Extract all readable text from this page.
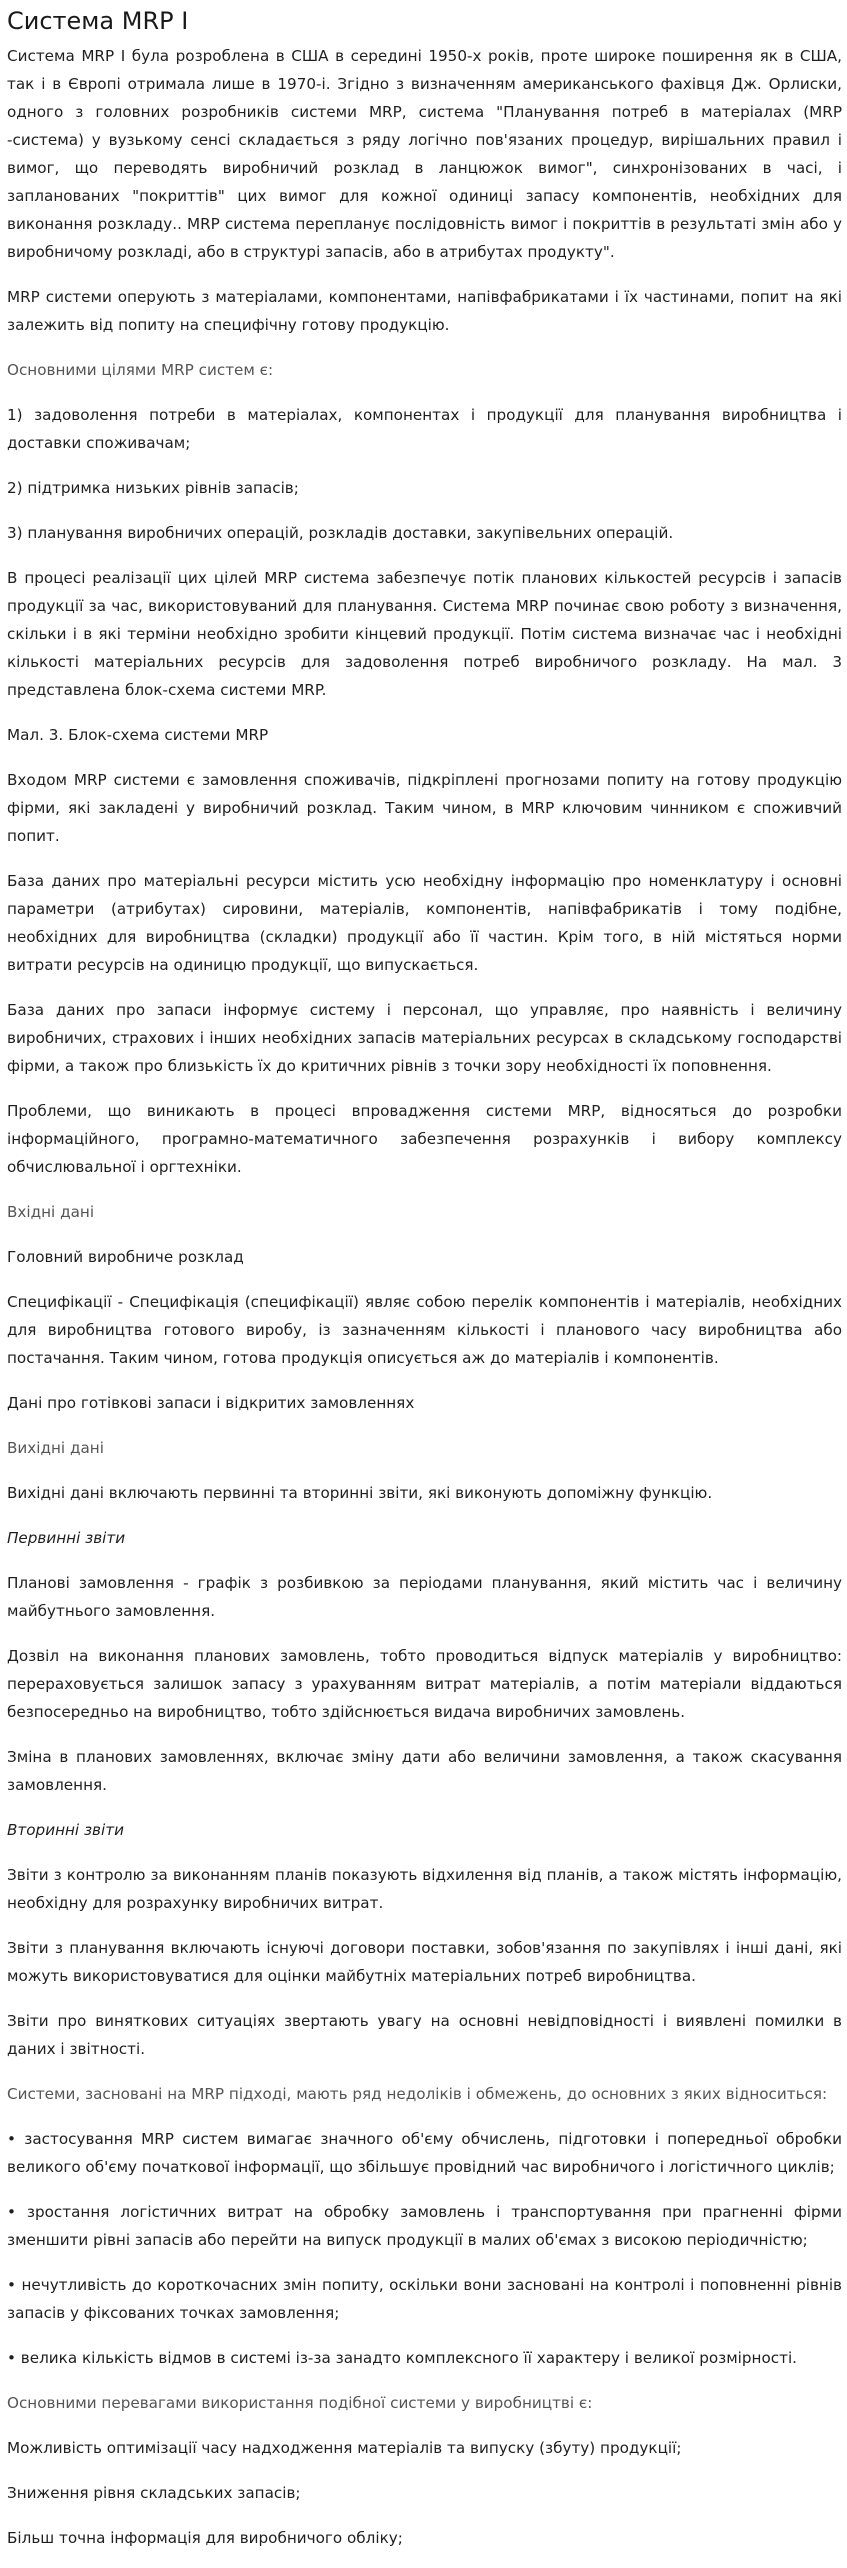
Система MRP I

Система MRP I була розроблена в США в середині 1950-х років, проте широке поширення як в США, так і в Європі отримала лише в 1970-і. Згідно з визначенням американського фахівця Дж. Орлиски, одного з головних розробників системи MRP, система "Планування потреб в матеріалах (MRP -система) у вузькому сенсі складається з ряду логічно пов'язаних процедур, вирішальних правил і вимог, що переводять виробничий розклад в ланцюжок вимог", синхронізованих в часі, і запланованих "покриттів" цих вимог для кожної одиниці запасу компонентів, необхідних для виконання розкладу.. MRP система перепланує послідовність вимог і покриттів в результаті змін або у виробничому розкладі, або в структурі запасів, або в атрибутах продукту".

MRP системи оперують з матеріалами, компонентами, напівфабрикатами і їх частинами, попит на які залежить від попиту на специфічну готову продукцію.

Основними цілями MRP систем є:

1) задоволення потреби в матеріалах, компонентах і продукції для планування виробництва і доставки споживачам;

2) підтримка низьких рівнів запасів;

3) планування виробничих операцій, розкладів доставки, закупівельних операцій.

В процесі реалізації цих цілей MRP система забезпечує потік планових кількостей ресурсів і запасів продукції за час, використовуваний для планування. Система MRP починає свою роботу з визначення, скільки і в які терміни необхідно зробити кінцевий продукції. Потім система визначає час і необхідні кількості матеріальних ресурсів для задоволення потреб виробничого розкладу. На мал. 3 представлена блок-схема системи MRP.

Мал. 3. Блок-схема системи MRP

Входом MRP системи є замовлення споживачів, підкріплені прогнозами попиту на готову продукцію фірми, які закладені у виробничий розклад. Таким чином, в MRP ключовим чинником є споживчий попит.

База даних про матеріальні ресурси містить усю необхідну інформацію про номенклатуру і основні параметри (атрибутах) сировини, матеріалів, компонентів, напівфабрикатів і тому подібне, необхідних для виробництва (складки) продукції або її частин. Крім того, в ній містяться норми витрати ресурсів на одиницю продукції, що випускається.

База даних про запаси інформує систему і персонал, що управляє, про наявність і величину виробничих, страхових і інших необхідних запасів матеріальних ресурсах в складському господарстві фірми, а також про близькість їх до критичних рівнів з точки зору необхідності їх поповнення.

Проблеми, що виникають в процесі впровадження системи MRP, відносяться до розробки інформаційного, програмно-математичного забезпечення розрахунків і вибору комплексу обчислювальної і оргтехніки.

Вхідні дані

Головний виробниче розклад

Специфікації - Специфікація (специфікації) являє собою перелік компонентів і матеріалів, необхідних для виробництва готового виробу, із зазначенням кількості і планового часу виробництва або постачання. Таким чином, готова продукція описується аж до матеріалів і компонентів.

Дані про готівкові запаси і відкритих замовленнях

Вихідні дані

Вихідні дані включають первинні та вторинні звіти, які виконують допоміжну функцію.

Первинні звіти

Планові замовлення - графік з розбивкою за періодами планування, який містить час і величину майбутнього замовлення.

Дозвіл на виконання планових замовлень, тобто проводиться відпуск матеріалів у виробництво: перераховується залишок запасу з урахуванням витрат матеріалів, а потім матеріали віддаються безпосередньо на виробництво, тобто здійснюється видача виробничих замовлень.

Зміна в планових замовленнях, включає зміну дати або величини замовлення, а також скасування замовлення.

Вторинні звіти

Звіти з контролю за виконанням планів показують відхилення від планів, а також містять інформацію, необхідну для розрахунку виробничих витрат.

Звіти з планування включають існуючі договори поставки, зобов'язання по закупівлях і інші дані, які можуть використовуватися для оцінки майбутніх матеріальних потреб виробництва.

Звіти про виняткових ситуаціях звертають увагу на основні невідповідності і виявлені помилки в даних і звітності.

Системи, засновані на MRP підході, мають ряд недоліків і обмежень, до основних з яких відноситься:

• застосування MRP систем вимагає значного об'єму обчислень, підготовки і попередньої обробки великого об'єму початкової інформації, що збільшує провідний час виробничого і логістичного циклів;

• зростання логістичних витрат на обробку замовлень і транспортування при прагненні фірми зменшити рівні запасів або перейти на випуск продукції в малих об'ємах з високою періодичністю;

• нечутливість до короткочасних змін попиту, оскільки вони засновані на контролі і поповненні рівнів запасів у фіксованих точках замовлення;

• велика кількість відмов в системі із-за занадто комплексного її характеру і великої розмірності.

Основними перевагами використання подібної системи у виробництві є:

Можливість оптимізації часу надходження матеріалів та випуску (збуту) продукції;

Зниження рівня складських запасів;

Більш точна інформація для виробничого обліку;
